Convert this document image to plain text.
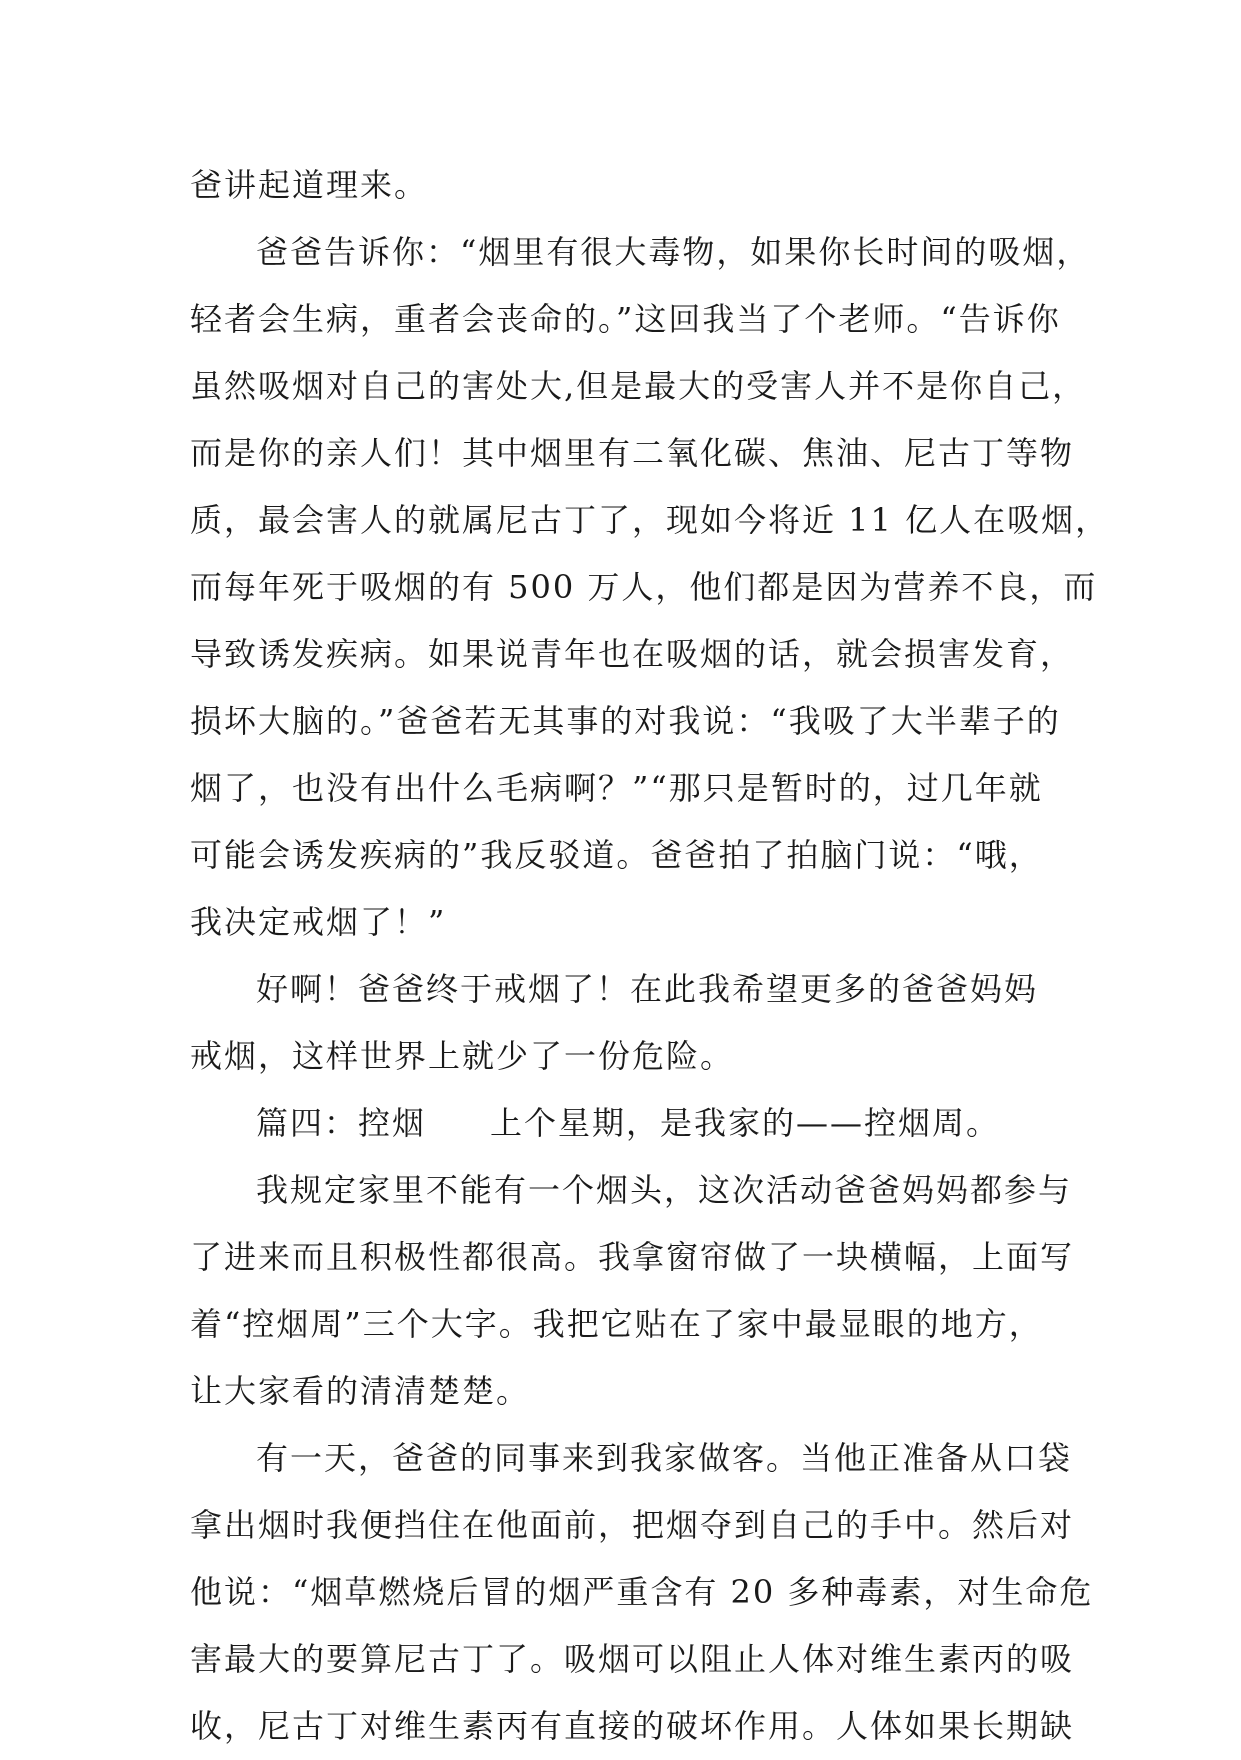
爸讲起道理来。
爸爸告诉你：“烟里有很大毒物，如果你长时间的吸烟，
轻者会生病，重者会丧命的。”这回我当了个老师。“告诉你
虽然吸烟对自己的害处大,但是最大的受害人并不是你自己，
而是你的亲人们！其中烟里有二氧化碳、焦油、尼古丁等物
质，最会害人的就属尼古丁了，现如今将近 11 亿人在吸烟，
而每年死于吸烟的有 500 万人，他们都是因为营养不良，而
导致诱发疾病。如果说青年也在吸烟的话，就会损害发育，
损坏大脑的。”爸爸若无其事的对我说：“我吸了大半辈子的
烟了，也没有出什么毛病啊？”“那只是暂时的，过几年就
可能会诱发疾病的”我反驳道。爸爸拍了拍脑门说：“哦，
我决定戒烟了！”
好啊！爸爸终于戒烟了！在此我希望更多的爸爸妈妈
戒烟，这样世界上就少了一份危险。
篇四：控烟 上个星期，是我家的——控烟周。
我规定家里不能有一个烟头，这次活动爸爸妈妈都参与
了进来而且积极性都很高。我拿窗帘做了一块横幅，上面写
着“控烟周”三个大字。我把它贴在了家中最显眼的地方，
让大家看的清清楚楚。
有一天，爸爸的同事来到我家做客。当他正准备从口袋
拿出烟时我便挡住在他面前，把烟夺到自己的手中。然后对
他说：“烟草燃烧后冒的烟严重含有 20 多种毒素，对生命危
害最大的要算尼古丁了。吸烟可以阻止人体对维生素丙的吸
收，尼古丁对维生素丙有直接的破坏作用。人体如果长期缺
